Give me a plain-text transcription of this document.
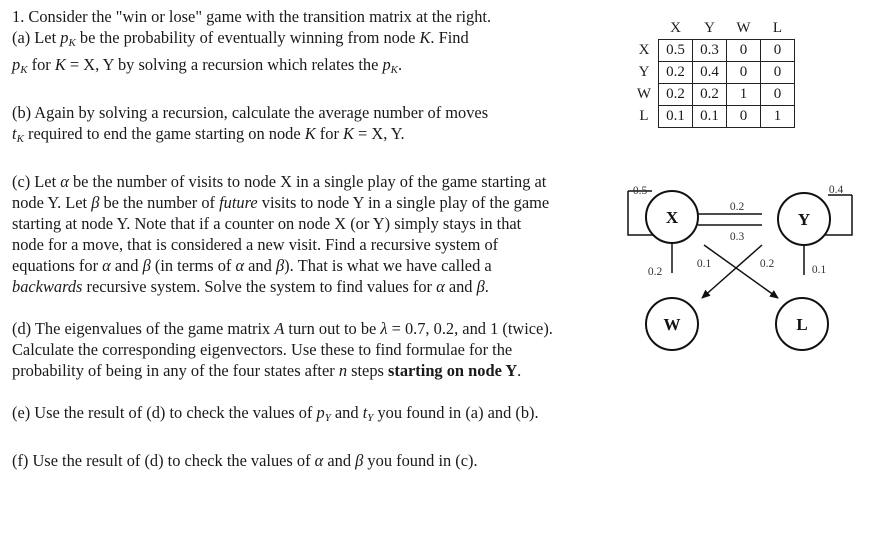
1. Consider the "win or lose" game with the transition matrix at the right.
(a) Let $p_K$ be the probability of eventually winning from node K. Find
$p_K$ for K = X, Y by solving a recursion which relates the $p_K$.

(b) Again by solving a recursion, calculate the average number of moves
$t_K$ required to end the game starting on node K for K = X, Y.

(c) Let α be the number of visits to node X in a single play of the game starting at node Y. Let β be the number of future visits to node Y in a single play of the game starting at node Y. Note that if a counter on node X (or Y) simply stays in that node for a move, that is considered a new visit. Find a recursive system of equations for α and β (in terms of α and β). That is what we have called a backwards recursive system. Solve the system to find values for α and β.

(d) The eigenvalues of the game matrix A turn out to be λ = 0.7, 0.2, and 1 (twice). Calculate the corresponding eigenvectors. Use these to find formulae for the probability of being in any of the four states after n steps starting on node Y.

(e) Use the result of (d) to check the values of $p_Y$ and $t_Y$ you found in (a) and (b).

(f) Use the result of (d) to check the values of α and β you found in (c).

	X	Y	W	L
X	0.5	0.3	0	0
Y	0.2	0.4	0	0
W	0.2	0.2	1	0
L	0.1	0.1	0	1
X	Y
W	L
0.5	0.4
0.2
0.3
0.2
0.1	0.2	0.1
